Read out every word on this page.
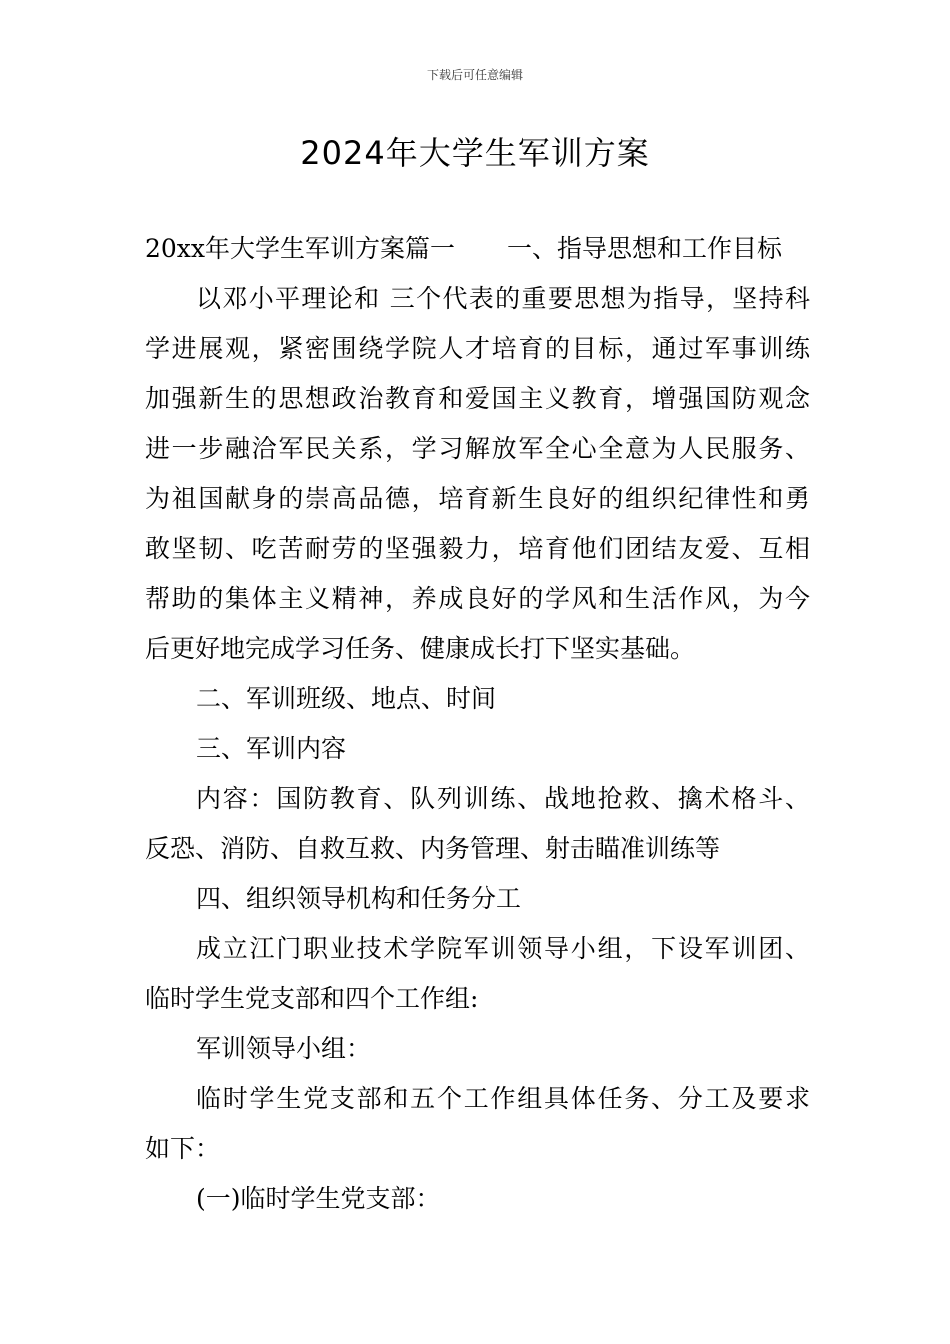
下载后可任意编辑
2024年大学生军训方案
20xx年大学生军训方案篇一 一、指导思想和工作目标
以邓小平理论和 三个代表的重要思想为指导，坚持科
学进展观，紧密围绕学院人才培育的目标，通过军事训练
加强新生的思想政治教育和爱国主义教育，增强国防观念
进一步融洽军民关系，学习解放军全心全意为人民服务、
为祖国献身的崇高品德，培育新生良好的组织纪律性和勇
敢坚韧、吃苦耐劳的坚强毅力，培育他们团结友爱、互相
帮助的集体主义精神，养成良好的学风和生活作风，为今
后更好地完成学习任务、健康成长打下坚实基础。
二、军训班级、地点、时间
三、军训内容
内容：国防教育、队列训练、战地抢救、擒术格斗、
反恐、消防、自救互救、内务管理、射击瞄准训练等
四、组织领导机构和任务分工
成立江门职业技术学院军训领导小组，下设军训团、
临时学生党支部和四个工作组:
军训领导小组：
临时学生党支部和五个工作组具体任务、分工及要求
如下：
(一)临时学生党支部：
